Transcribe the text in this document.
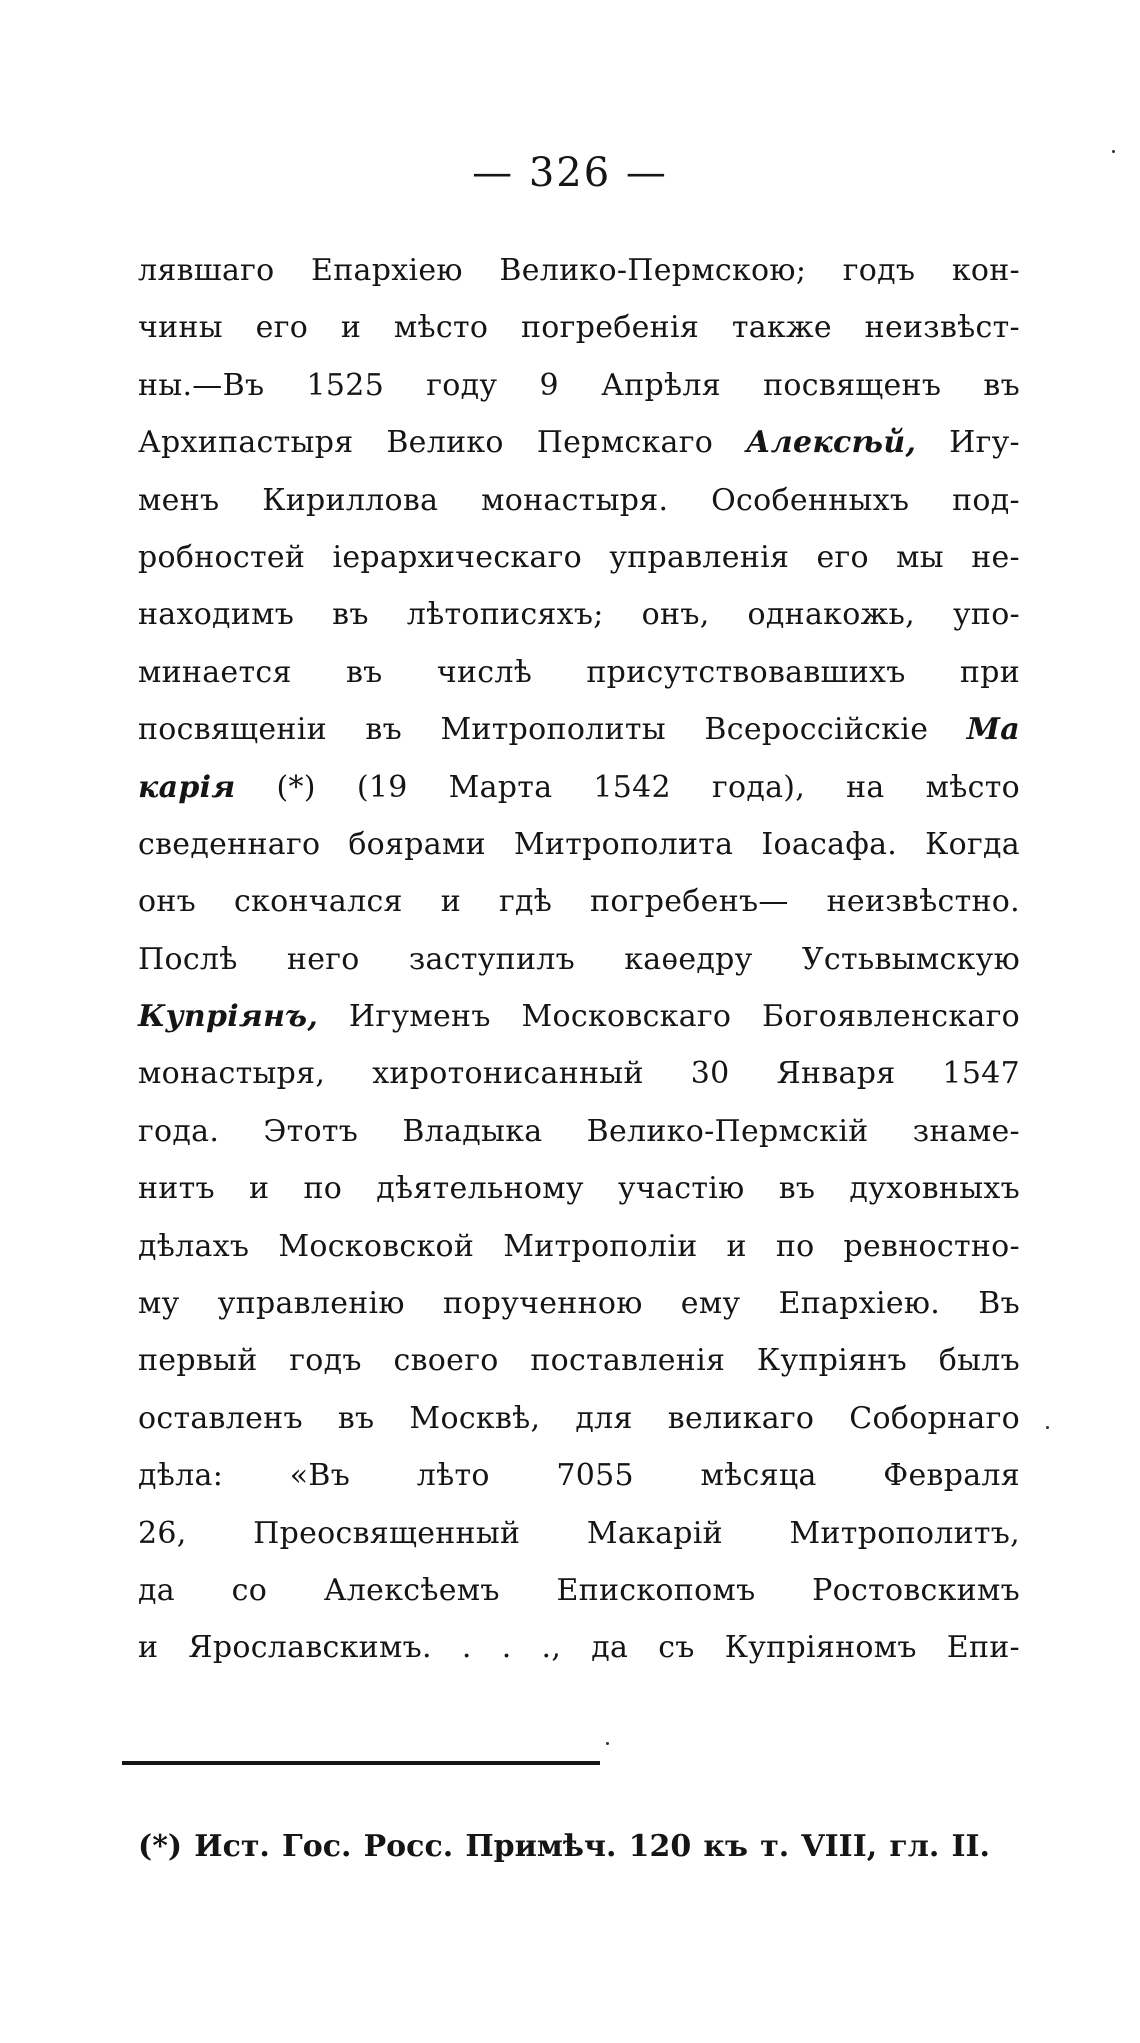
— 326 —
лявшаго Епархіею Велико-Пермскою; годъ кон-
чины его и мѣсто погребенія также неизвѣст-
ны.—Въ 1525 году 9 Апрѣля посвященъ въ
Архипастыря Велико Пермскаго Алексѣй, Игу-
менъ Кириллова монастыря. Особенныхъ под-
робностей іерархическаго управленія его мы не-
находимъ въ лѣтописяхъ; онъ, однакожь, упо-
минается въ числѣ присутствовавшихъ при
посвященіи въ Митрополиты Всероссійскіе Ма
карія (*) (19 Марта 1542 года), на мѣсто
сведеннаго боярами Митрополита Іоасафа. Когда
онъ скончался и гдѣ погребенъ— неизвѣстно.
Послѣ него заступилъ каѳедру Устьвымскую
Купріянъ, Игуменъ Московскаго Богоявленскаго
монастыря, хиротонисанный 30 Января 1547
года. Этотъ Владыка Велико-Пермскій знаме-
нитъ и по дѣятельному участію въ духовныхъ
дѣлахъ Московской Митрополіи и по ревностно-
му управленію порученною ему Епархіею. Въ
первый годъ своего поставленія Купріянъ былъ
оставленъ въ Москвѣ, для великаго Соборнаго
дѣла: «Въ лѣто 7055 мѣсяца Февраля
26, Преосвященный Макарій Митрополитъ,
да со Алексѣемъ Епископомъ Ростовскимъ
и Ярославскимъ. . . ., да съ Купріяномъ Епи-
(*) Ист. Гос. Росс. Примѣч. 120 къ т. VIII, гл. II.
